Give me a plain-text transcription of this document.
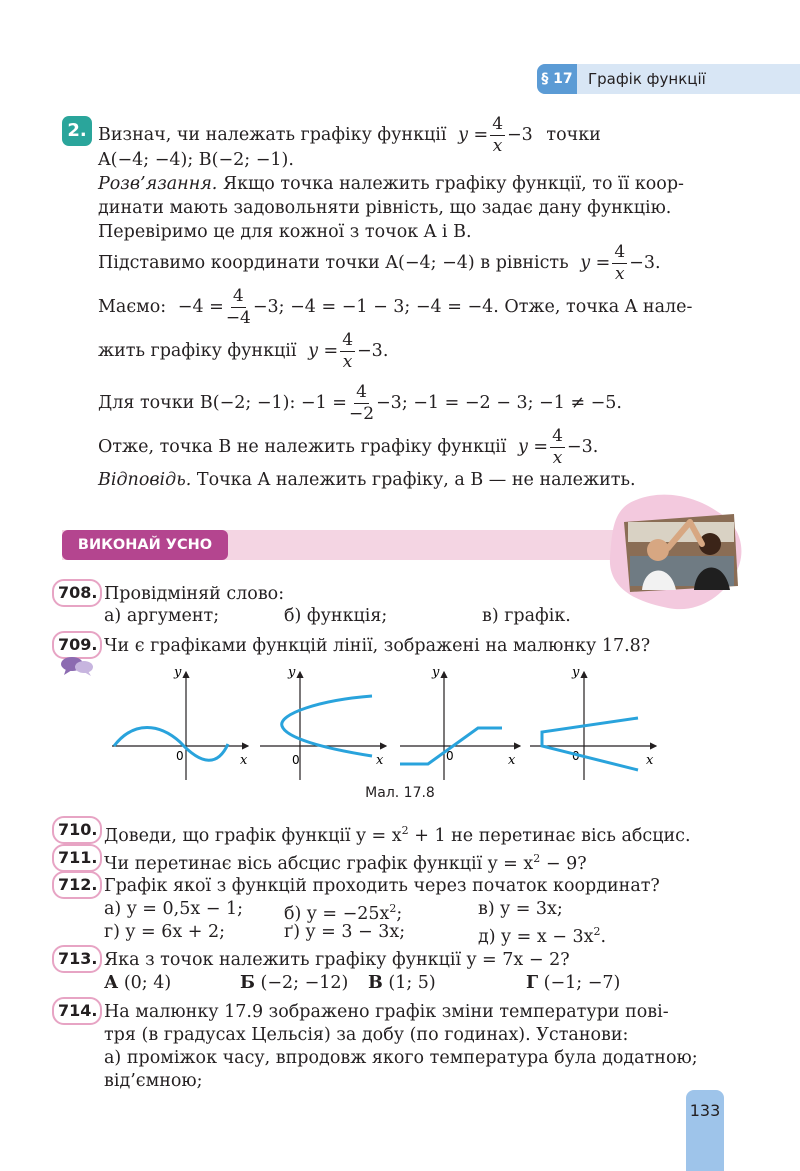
§ 17 Графік функції
2. Визнач, чи належать графіку функції $y = \frac{4}{x} -3$ точки
A(−4; −4); B(−2; −1).
Розв’язання. Якщо точка належить графіку функції, то її коор-
динати мають задовольняти рівність, що задає дану функцію.
Перевіримо це для кожної з точок A і B.
Підставимо координати точки A(−4; −4) в рівність $y = \frac{4}{x} -3$.
Маємо: $-4 = \frac{4}{-4} -3$; −4 = −1 − 3; −4 = −4. Отже, точка A нале-
жить графіку функції $y = \frac{4}{x} -3$.
Для точки B(−2; −1): $-1 = \frac{4}{-2} -3$; −1 = −2 − 3; −1 ≠ −5.
Отже, точка B не належить графіку функції $y = \frac{4}{x} -3$.
Відповідь. Точка A належить графіку, а B — не належить.
ВИКОНАЙ УСНО
708. Провідміняй слово:
а) аргумент;	б) функція;	в) графік.
709. Чи є графіками функцій лінії, зображені на малюнку 17.8?
y
x
0
y
x
0
y
x
0
y
x
0
Мал. 17.8
710. Доведи, що графік функції $y = x^2 + 1$ не перетинає вісь абсцис.
711. Чи перетинає вісь абсцис графік функції $y = x^2 - 9$?
712. Графік якої з функцій проходить через початок координат?
а) y = 0,5x − 1; б) $y = -25x^2$;	в) y = 3x;
г) y = 6x + 2;	ґ) y = 3 − 3x;	д) $y = x - 3x^2$.
713. Яка з точок належить графіку функції y = 7x − 2?
А (0; 4)	Б (−2; −12) В (1; 5)	Г (−1; −7)
714. На малюнку 17.9 зображено графік зміни температури пові-
тря (в градусах Цельсія) за добу (по годинах). Установи:
а) проміжок часу, впродовж якого температура була додатною;
від’ємною;
133
